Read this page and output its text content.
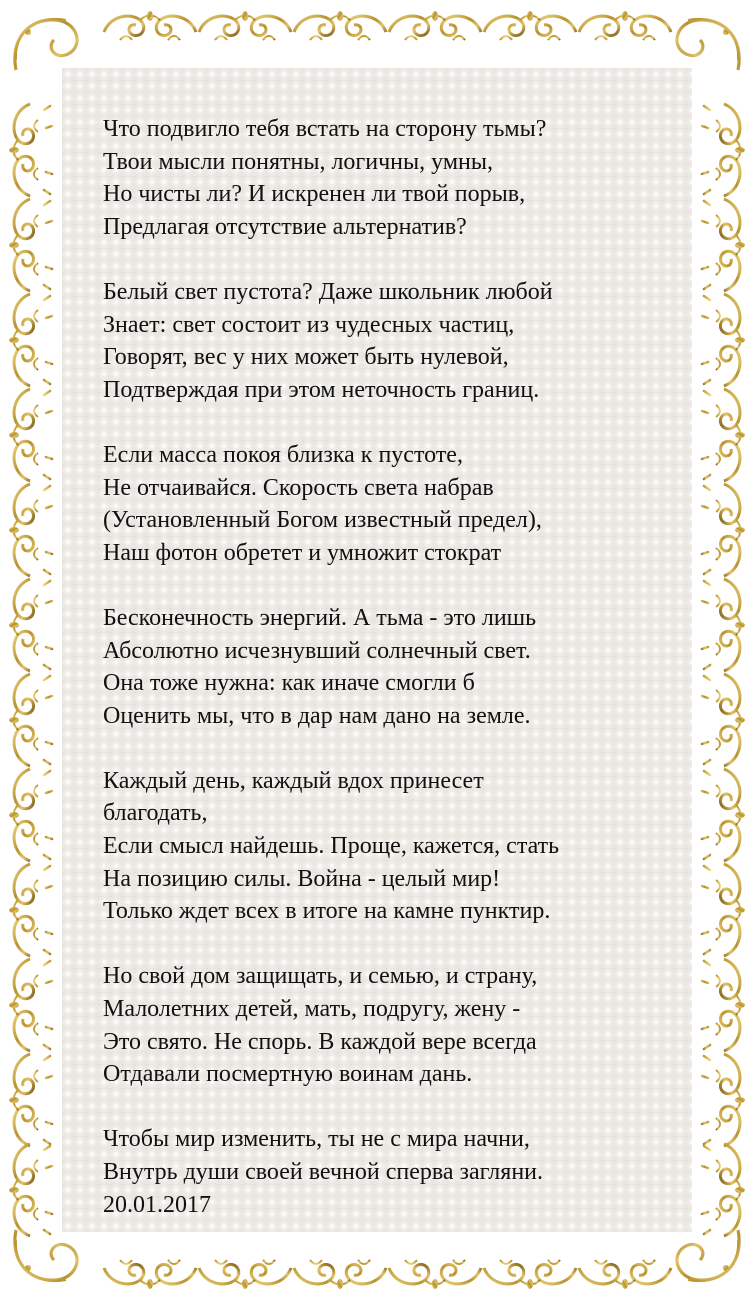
Что подвигло тебя встать на сторону тьмы?
Твои мысли понятны, логичны, умны,
Но чисты ли? И искренен ли твой порыв,
Предлагая отсутствие альтернатив?
Белый свет пустота? Даже школьник любой
Знает: свет состоит из чудесных частиц,
Говорят, вес у них может быть нулевой,
Подтверждая при этом неточность границ.
Если масса покоя близка к пустоте,
Не отчаивайся. Скорость света набрав
(Установленный Богом известный предел),
Наш фотон обретет и умножит стократ
Бесконечность энергий. А тьма - это лишь
Абсолютно исчезнувший солнечный свет.
Она тоже нужна: как иначе смогли б
Оценить мы, что в дар нам дано на земле.
Каждый день, каждый вдох принесет
благодать,
Если смысл найдешь. Проще, кажется, стать
На позицию силы. Война - целый мир!
Только ждет всех в итоге на камне пунктир.
Но свой дом защищать, и семью, и страну,
Малолетних детей, мать, подругу, жену -
Это свято. Не спорь. В каждой вере всегда
Отдавали посмертную воинам дань.
Чтобы мир изменить, ты не с мира начни,
Внутрь души своей вечной сперва загляни.
20.01.2017
